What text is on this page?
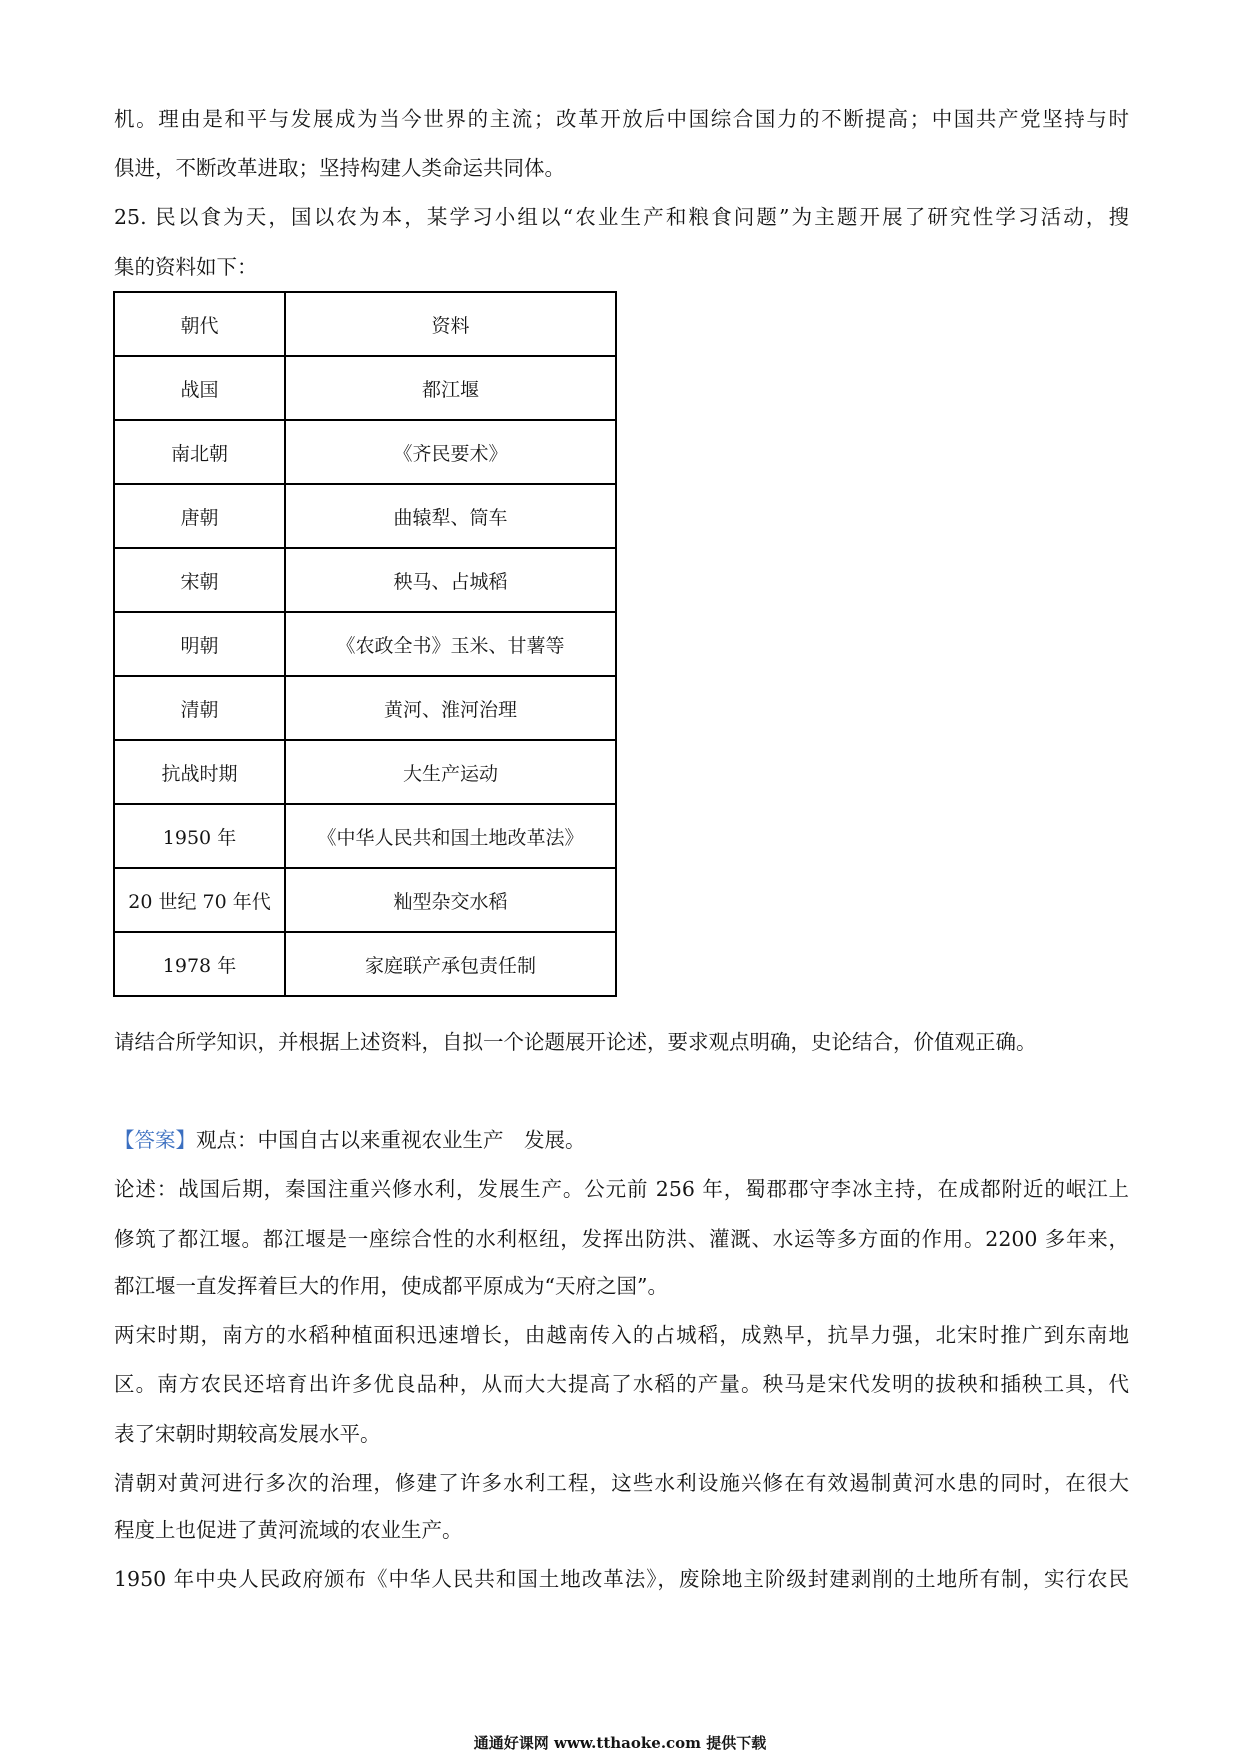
机。理由是和平与发展成为当今世界的主流；改革开放后中国综合国力的不断提高；中国共产党坚持与时
俱进，不断改革进取；坚持构建人类命运共同体。
25. 民以食为天，国以农为本，某学习小组以“农业生产和粮食问题”为主题开展了研究性学习活动，搜
集的资料如下：
朝代	资料
战国	都江堰
南北朝	《齐民要术》
唐朝	曲辕犁、筒车
宋朝	秧马、占城稻
明朝	《农政全书》玉米、甘薯等
清朝	黄河、淮河治理
抗战时期	大生产运动
1950 年	《中华人民共和国土地改革法》
20 世纪 70 年代	籼型杂交水稻
1978 年	家庭联产承包责任制
请结合所学知识，并根据上述资料，自拟一个论题展开论述，要求观点明确，史论结合，价值观正确。
【答案】观点：中国自古以来重视农业生产　发展。
论述：战国后期，秦国注重兴修水利，发展生产。公元前 256 年，蜀郡郡守李冰主持，在成都附近的岷江上
修筑了都江堰。都江堰是一座综合性的水利枢纽，发挥出防洪、灌溉、水运等多方面的作用。2200 多年来，
都江堰一直发挥着巨大的作用，使成都平原成为“天府之国”。
两宋时期，南方的水稻种植面积迅速增长，由越南传入的占城稻，成熟早，抗旱力强，北宋时推广到东南地
区。南方农民还培育出许多优良品种，从而大大提高了水稻的产量。秧马是宋代发明的拔秧和插秧工具，代
表了宋朝时期较高发展水平。
清朝对黄河进行多次的治理，修建了许多水利工程，这些水利设施兴修在有效遏制黄河水患的同时，在很大
程度上也促进了黄河流域的农业生产。
1950 年中央人民政府颁布《中华人民共和国土地改革法》，废除地主阶级封建剥削的土地所有制，实行农民
通通好课网 www.tthaoke.com 提供下载
